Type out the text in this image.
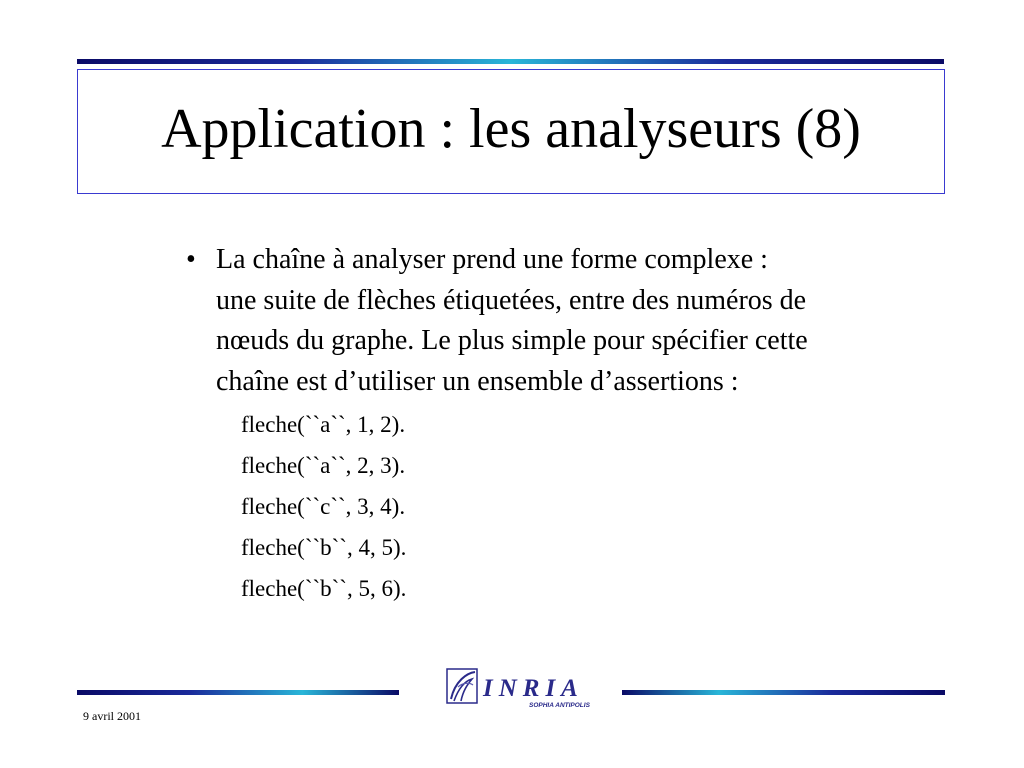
Application : les analyseurs (8)
• La chaîne à analyser prend une forme complexe :
une suite de flèches étiquetées, entre des numéros de
nœuds du graphe. Le plus simple pour spécifier cette
chaîne est d’utiliser un ensemble d’assertions :
fleche(``a``, 1, 2).
fleche(``a``, 2, 3).
fleche(``c``, 3, 4).
fleche(``b``, 4, 5).
fleche(``b``, 5, 6).
INRIA
SOPHIA ANTIPOLIS
9 avril 2001
